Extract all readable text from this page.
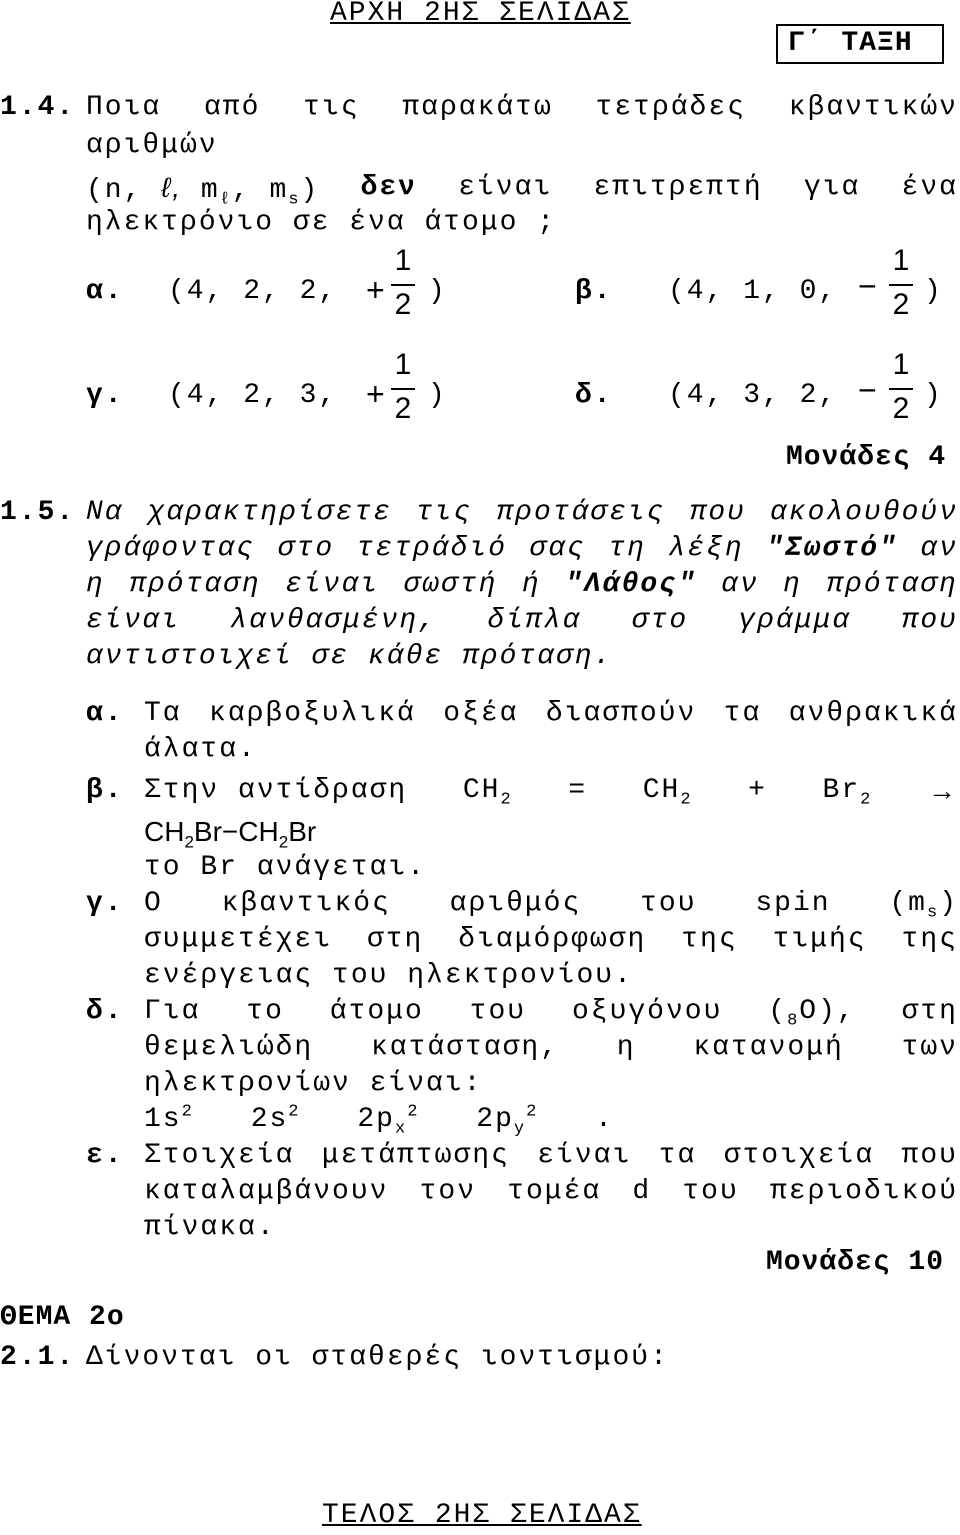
ΑΡΧΗ 2ΗΣ ΣΕΛΙΔΑΣ
Γ΄ ΤΑΞΗ
1.4. Ποια από τις παρακάτω τετράδες κβαντικών
αριθμών
(n, ℓ, $m_\ell$, $m_s$) δεν είναι επιτρεπτή για ένα
ηλεκτρόνιο σε ένα άτομο ;
α. (4, 2, 2, +
1
2 )	β. (4, 1, 0, −
1
2 )
γ. (4, 2, 3, +
1
2 )	δ. (4, 3, 2, −
1
2 )
Μονάδες 4
1.5. Να χαρακτηρίσετε τις προτάσεις που ακολουθούν
γράφοντας στο τετράδιό σας τη λέξη "Σωστό" αν
η πρόταση είναι σωστή ή "Λάθος" αν η πρόταση
είναι λανθασμένη, δίπλα στο γράμμα που
αντιστοιχεί σε κάθε πρόταση.
α. Τα καρβοξυλικά οξέα διασπούν τα ανθρακικά
άλατα.
β. Στην αντίδραση $CH_2 = CH_2 + Br_2$ →
$CH_2Br-CH_2Br$
το Br ανάγεται.
γ. Ο κβαντικός αριθμός του spin $(m_s)$
συμμετέχει στη διαμόρφωση της τιμής της
ενέργειας του ηλεκτρονίου.
δ. Για το άτομο του οξυγόνου $(_8O)$, στη
θεμελιώδη κατάσταση, η κατανομή των
ηλεκτρονίων είναι:
$1s^2$ $2s^2$ $2p_x^2$ $2p_y^2$ .
ε. Στοιχεία μετάπτωσης είναι τα στοιχεία που
καταλαμβάνουν τον τομέα d του περιοδικού
πίνακα.
Μονάδες 10
ΘΕΜΑ 2ο
2.1. Δίνονται οι σταθερές ιοντισμού:
ΤΕΛΟΣ 2ΗΣ ΣΕΛΙΔΑΣ
